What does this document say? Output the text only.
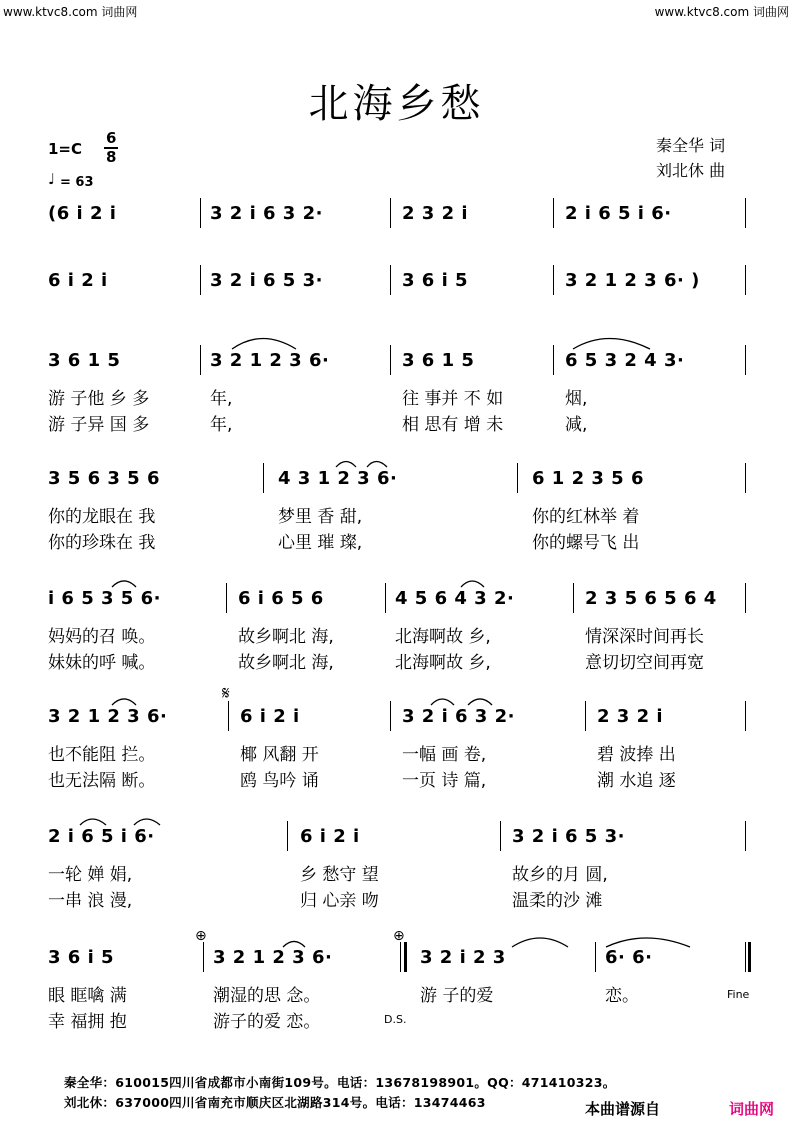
www.ktvc8.com 词曲网	www.ktvc8.com 词曲网
北海乡愁
1=C
6
8
♩ = 63
秦全华 词
刘北休 曲
(6 i 2 i	3 2 i 6 3 2·	2 3 2 i	2 i 6 5 i 6·
6 i 2 i	3 2 i 6 5 3·	3 6 i 5	3 2 1 2 3 6· )
3 6 1 5	3 2 1 2 3 6·	3 6 1 5	6 5 3 2 4 3·
游 子他 乡 多	年,	往 事并 不 如	烟,
游 子异 国 多	年,	相 思有 增 未	减,
3 5 6 3 5 6	4 3 1 2 3 6·	6 1 2 3 5 6
你的龙眼在 我	梦里 香 甜,	你的红林举 着
你的珍珠在 我	心里 璀 璨,	你的螺号飞 出
i 6 5 3 5 6·	6 i 6 5 6	4 5 6 4 3 2·	2 3 5 6 5 6 4
妈妈的召 唤。	故乡啊北 海,	北海啊故 乡,	情深深时间再长
妹妹的呼 喊。	故乡啊北 海,	北海啊故 乡,	意切切空间再宽
3 2 1 2 3 6·	6 i 2 i	3 2 i 6 3 2·	2 3 2 i
也不能阻 拦。	椰 风翻 开	一幅 画 卷,	碧 波捧 出
也无法隔 断。	鸥 鸟吟 诵	一页 诗 篇,	潮 水追 逐
2 i 6 5 i 6·	6 i 2 i	3 2 i 6 5 3·
一轮 婵 娟,	乡 愁守 望	故乡的月 圆,
一串 浪 漫,	归 心亲 吻	温柔的沙 滩
3 6 i 5	3 2 1 2 3 6·	3 2 i 2 3	6· 6·
眼 眶噙 满	潮湿的思 念。	游 子的爱	恋。
幸 福拥 抱	游子的爱 恋。
𝄋
⊕	⊕
Fine
D.S.
秦全华：610015四川省成都市小南街109号。电话：13678198901。QQ：471410323。
刘北休：637000四川省南充市顺庆区北湖路314号。电话：13474463	本曲谱源自	词曲网
